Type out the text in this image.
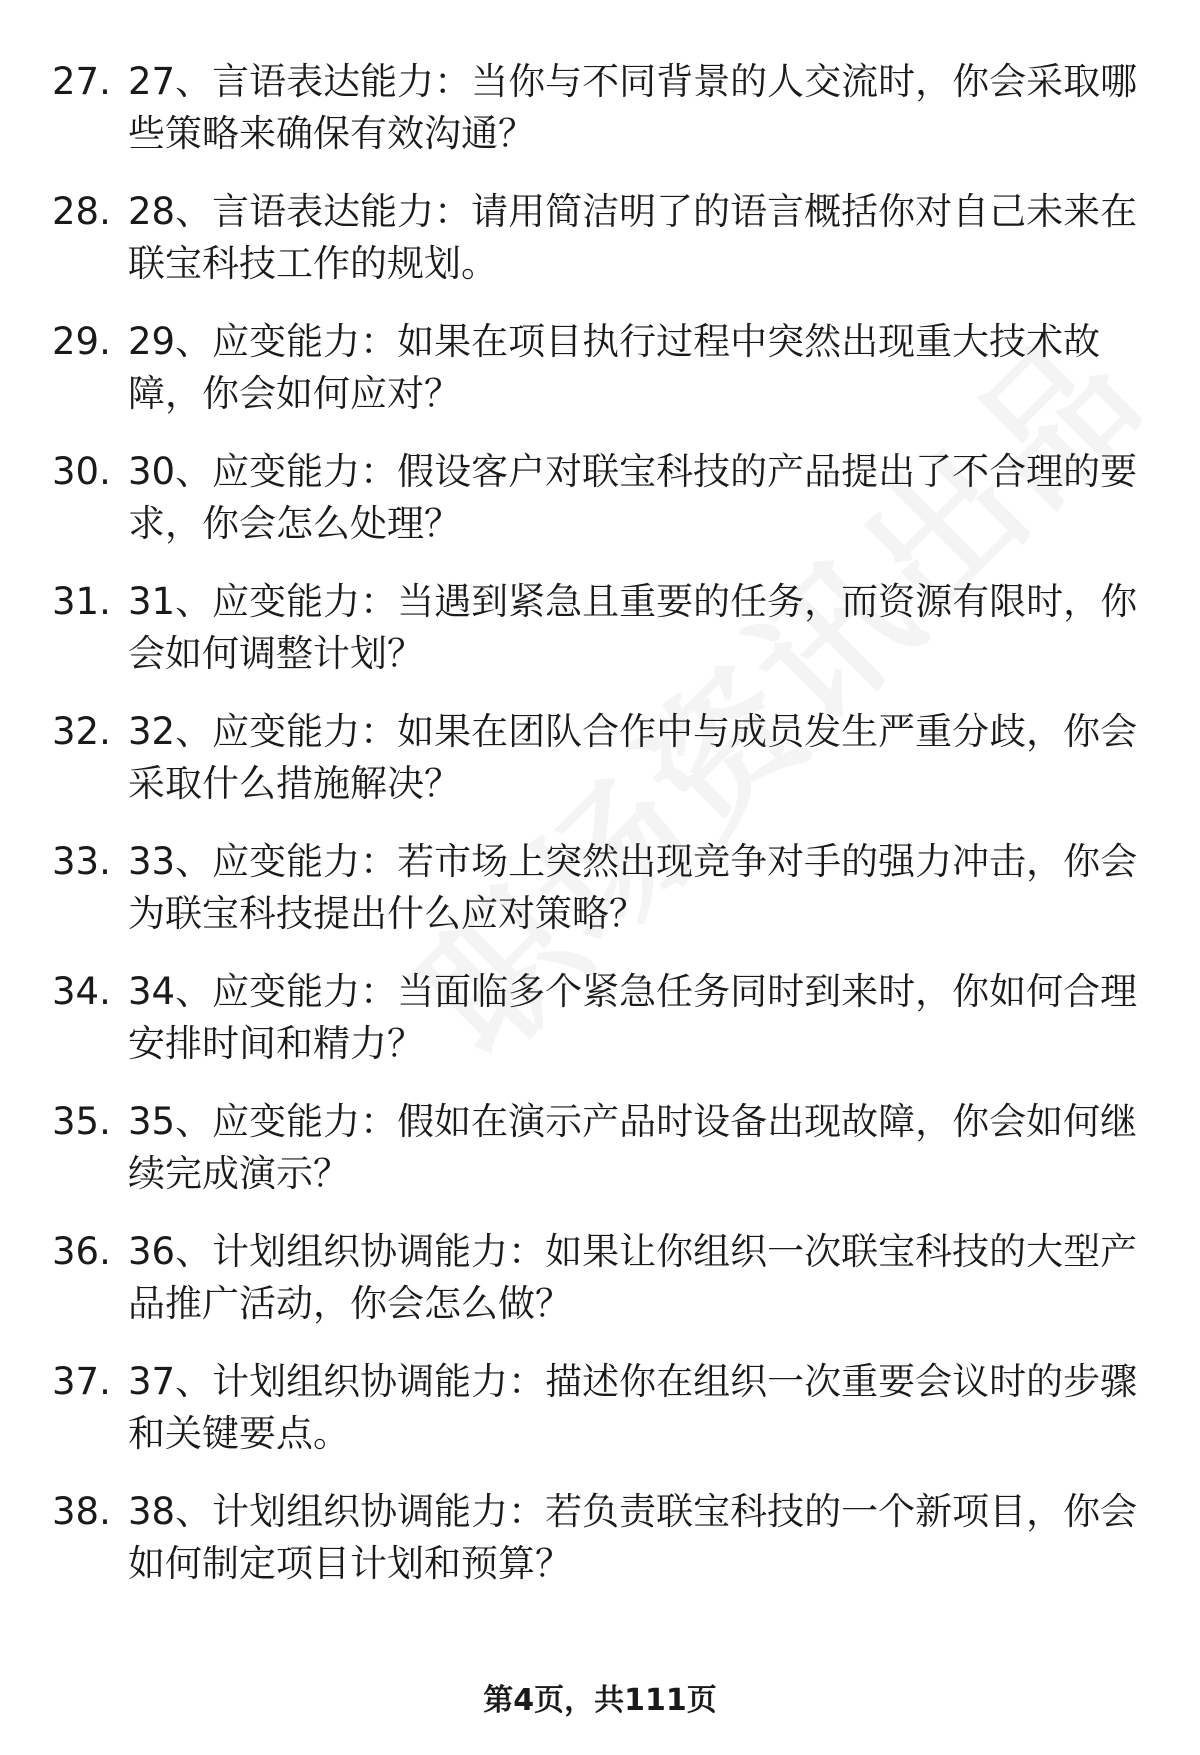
27. 27、言语表达能力：当你与不同背景的人交流时，你会采取哪些策略来确保有效沟通？
28. 28、言语表达能力：请用简洁明了的语言概括你对自己未来在联宝科技工作的规划。
29. 29、应变能力：如果在项目执行过程中突然出现重大技术故障，你会如何应对？
30. 30、应变能力：假设客户对联宝科技的产品提出了不合理的要求，你会怎么处理？
31. 31、应变能力：当遇到紧急且重要的任务，而资源有限时，你会如何调整计划？
32. 32、应变能力：如果在团队合作中与成员发生严重分歧，你会采取什么措施解决？
33. 33、应变能力：若市场上突然出现竞争对手的强力冲击，你会为联宝科技提出什么应对策略？
34. 34、应变能力：当面临多个紧急任务同时到来时，你如何合理安排时间和精力？
35. 35、应变能力：假如在演示产品时设备出现故障，你会如何继续完成演示？
36. 36、计划组织协调能力：如果让你组织一次联宝科技的大型产品推广活动，你会怎么做？
37. 37、计划组织协调能力：描述你在组织一次重要会议时的步骤和关键要点。
38. 38、计划组织协调能力：若负责联宝科技的一个新项目，你会如何制定项目计划和预算？
第4页，共111页
